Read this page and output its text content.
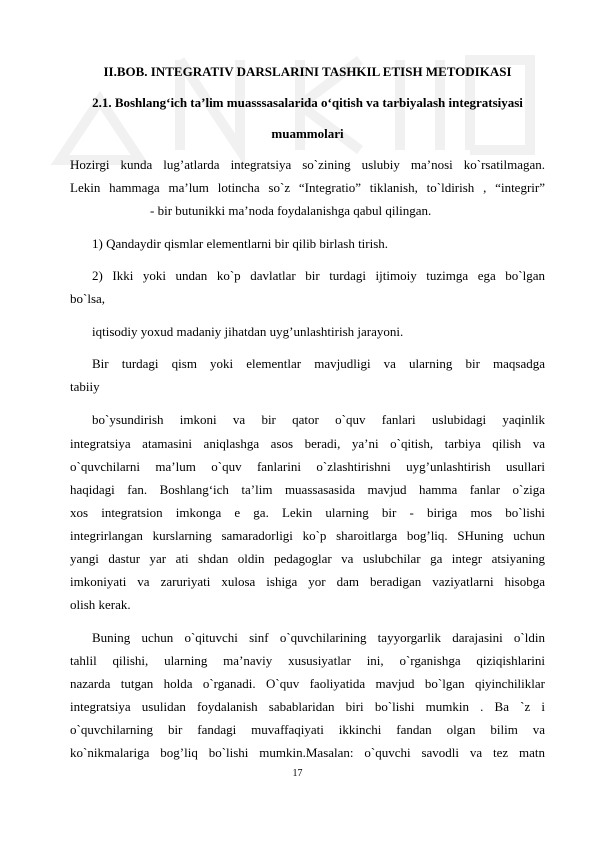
II.BOB. INTEGRATIV DARSLARINI TASHKIL ETISH METODIKASI
2.1. Boshlang‘ich ta’lim muasssasalarida o‘qitish va tarbiyalash integratsiyasi
muammolari
Hozirgi kunda lug’atlarda integratsiya so`zining uslubiy ma’nosi ko`rsatilmagan.
Lekin hammaga ma’lum lotincha so`z “Integratio” tiklanish, to`ldirish , “integrir”
- bir butunikki ma’noda foydalanishga qabul qilingan.
1) Qandaydir qismlar elementlarni bir qilib birlash tirish.
2) Ikki yoki undan ko`p davlatlar bir turdagi ijtimoiy tuzimga ega bo`lgan
bo`lsa,
iqtisodiy yoxud madaniy jihatdan uyg’unlashtirish jarayoni.
Bir turdagi qism yoki elementlar mavjudligi va ularning bir maqsadga
tabiiy
bo`ysundirish imkoni va bir qator o`quv fanlari uslubidagi yaqinlik
integratsiya atamasini aniqlashga asos beradi, ya’ni o`qitish, tarbiya qilish va
o`quvchilarni ma’lum o`quv fanlarini o`zlashtirishni uyg’unlashtirish usullari
haqidagi fan. Boshlang‘ich ta’lim muassasasida mavjud hamma fanlar o`ziga
xos integratsion imkonga e ga. Lekin ularning bir - biriga mos bo`lishi
integrirlangan kurslarning samaradorligi ko`p sharoitlarga bog’liq. SHuning uchun
yangi dastur yar ati shdan oldin pedagoglar va uslubchilar ga integr atsiyaning
imkoniyati va zaruriyati xulosa ishiga yor dam beradigan vaziyatlarni hisobga
olish kerak.
Buning uchun o`qituvchi sinf o`quvchilarining tayyorgarlik darajasini o`ldin
tahlil qilishi, ularning ma’naviy xususiyatlar ini, o`rganishga qiziqishlarini
nazarda tutgan holda o`rganadi. O`quv faoliyatida mavjud bo`lgan qiyinchiliklar
integratsiya usulidan foydalanish sabablaridan biri bo`lishi mumkin . Ba `z i
o`quvchilarning bir fandagi muvaffaqiyati ikkinchi fandan olgan bilim va
ko`nikmalariga bog’liq bo`lishi mumkin.Masalan: o`quvchi savodli va tez matn
17
